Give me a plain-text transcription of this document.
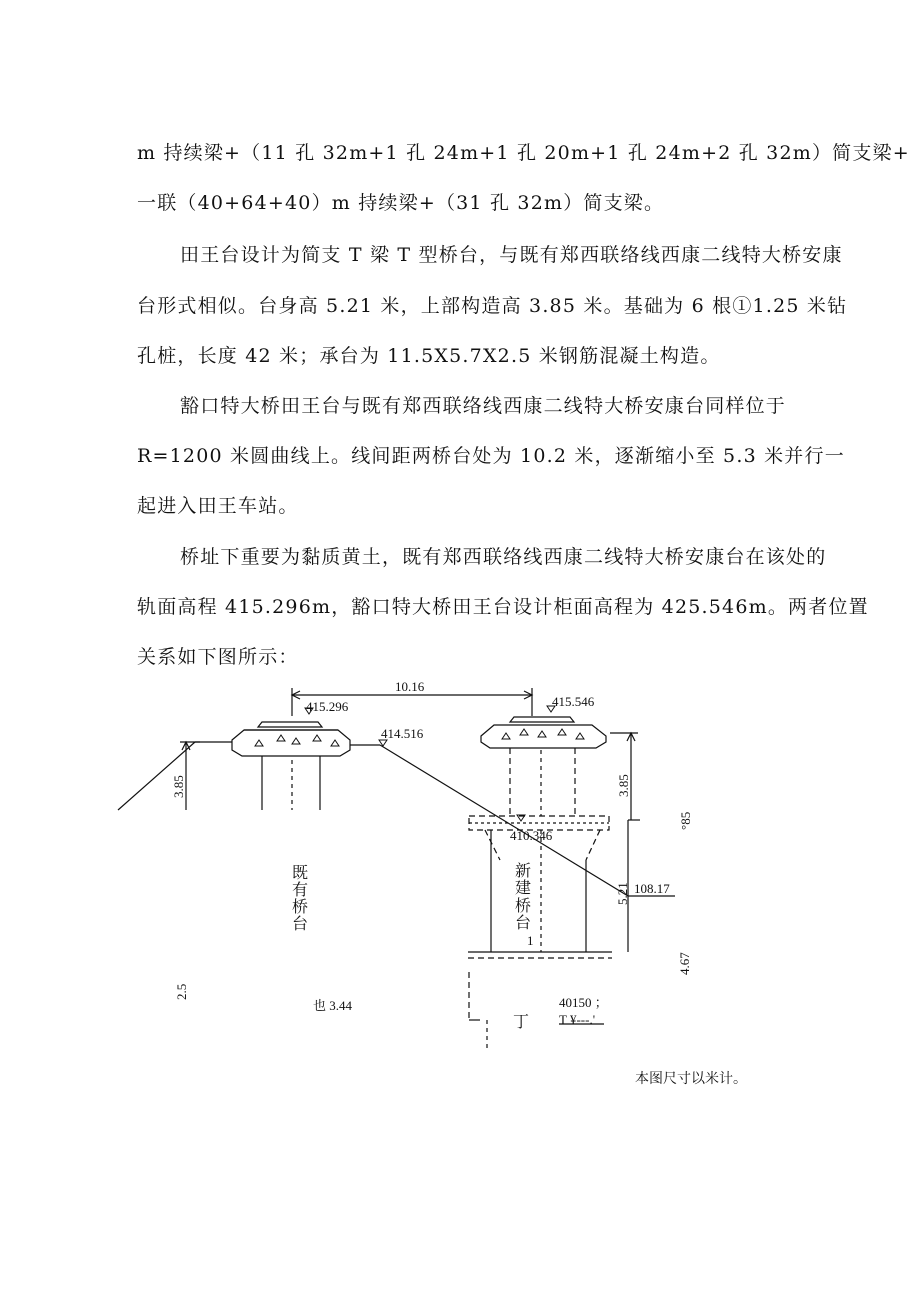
m 持续梁+（11 孔 32m+1 孔 24m+1 孔 20m+1 孔 24m+2 孔 32m）简支梁+
一联（40+64+40）m 持续梁+（31 孔 32m）简支梁。
田王台设计为简支 T 梁 T 型桥台，与既有郑西联络线西康二线特大桥安康
台形式相似。台身高 5.21 米，上部构造高 3.85 米。基础为 6 根①1.25 米钻
孔桩，长度 42 米；承台为 11.5X5.7X2.5 米钢筋混凝土构造。
豁口特大桥田王台与既有郑西联络线西康二线特大桥安康台同样位于
R=1200 米圆曲线上。线间距两桥台处为 10.2 米，逐渐缩小至 5.3 米并行一
起进入田王车站。
桥址下重要为黏质黄土，既有郑西联络线西康二线特大桥安康台在该处的
轨面高程 415.296m，豁口特大桥田王台设计柜面高程为 425.546m。两者位置
关系如下图所示：
10.16
415.296	415.546
414.516
410.346
108.17
3.85	3.85
°85
5.21
4.67
2.5
既
有
桥
台
新
建
桥
台
1
也 3.44	40150 ；
丁 T ¥---.'
本图尺寸以米计。
